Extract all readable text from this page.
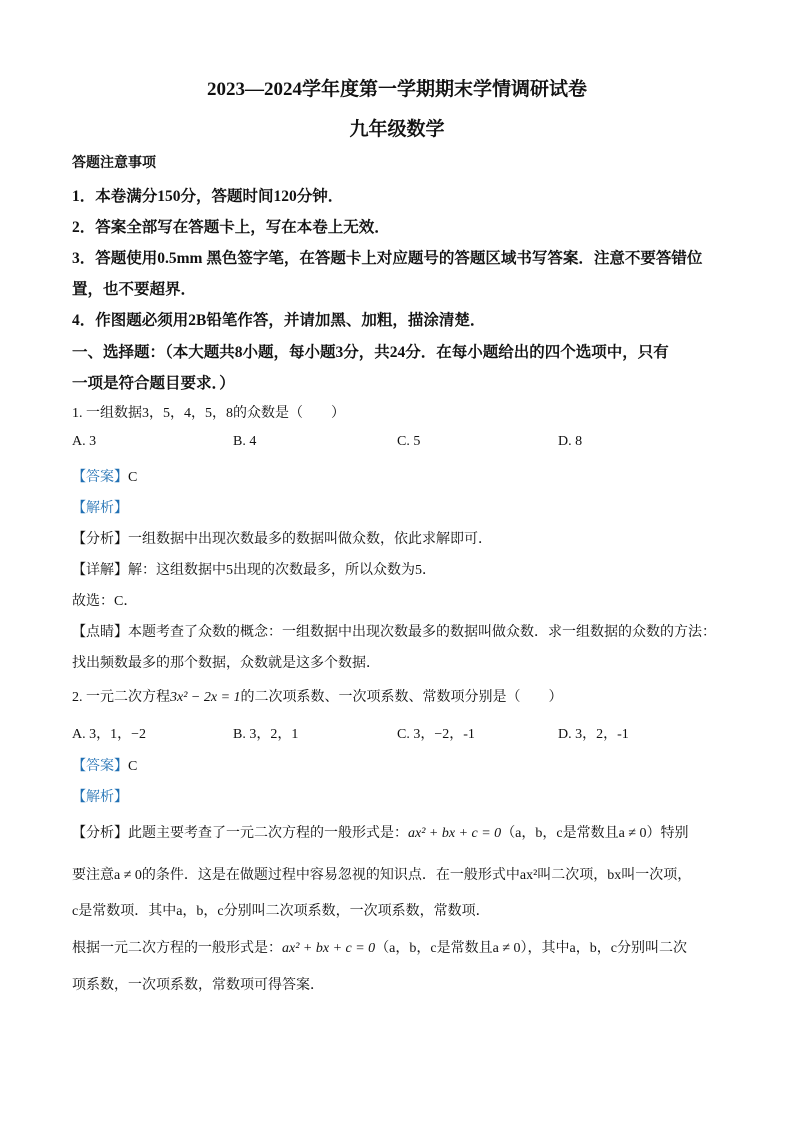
2023—2024学年度第一学期期末学情调研试卷
九年级数学
答题注意事项
1．本卷满分150分，答题时间120分钟．
2．答案全部写在答题卡上，写在本卷上无效．
3．答题使用0.5mm 黑色签字笔，在答题卡上对应题号的答题区域书写答案．注意不要答错位
置，也不要超界．
4．作图题必须用2B铅笔作答，并请加黑、加粗，描涂清楚．
一、选择题：（本大题共8小题，每小题3分，共24分．在每小题给出的四个选项中，只有
一项是符合题目要求．）
1. 一组数据3，5，4，5，8的众数是（　　）
A. 3	B. 4	C. 5	D. 8
【答案】C
【解析】
【分析】一组数据中出现次数最多的数据叫做众数，依此求解即可．
【详解】解：这组数据中5出现的次数最多，所以众数为5．
故选：C．
【点睛】本题考查了众数的概念：一组数据中出现次数最多的数据叫做众数．求一组数据的众数的方法：
找出频数最多的那个数据，众数就是这多个数据．
2. 一元二次方程3x² − 2x = 1的二次项系数、一次项系数、常数项分别是（　　）
A. 3，1，−2	B. 3，2，1	C. 3，−2，-1	D. 3，2，-1
【答案】C
【解析】
【分析】此题主要考查了一元二次方程的一般形式是：ax² + bx + c = 0（a，b，c是常数且a ≠ 0）特别
要注意a ≠ 0的条件．这是在做题过程中容易忽视的知识点．在一般形式中ax²叫二次项，bx叫一次项，
c是常数项．其中a，b，c分别叫二次项系数，一次项系数，常数项．
根据一元二次方程的一般形式是：ax² + bx + c = 0（a，b，c是常数且a ≠ 0），其中a，b，c分别叫二次
项系数，一次项系数，常数项可得答案．
